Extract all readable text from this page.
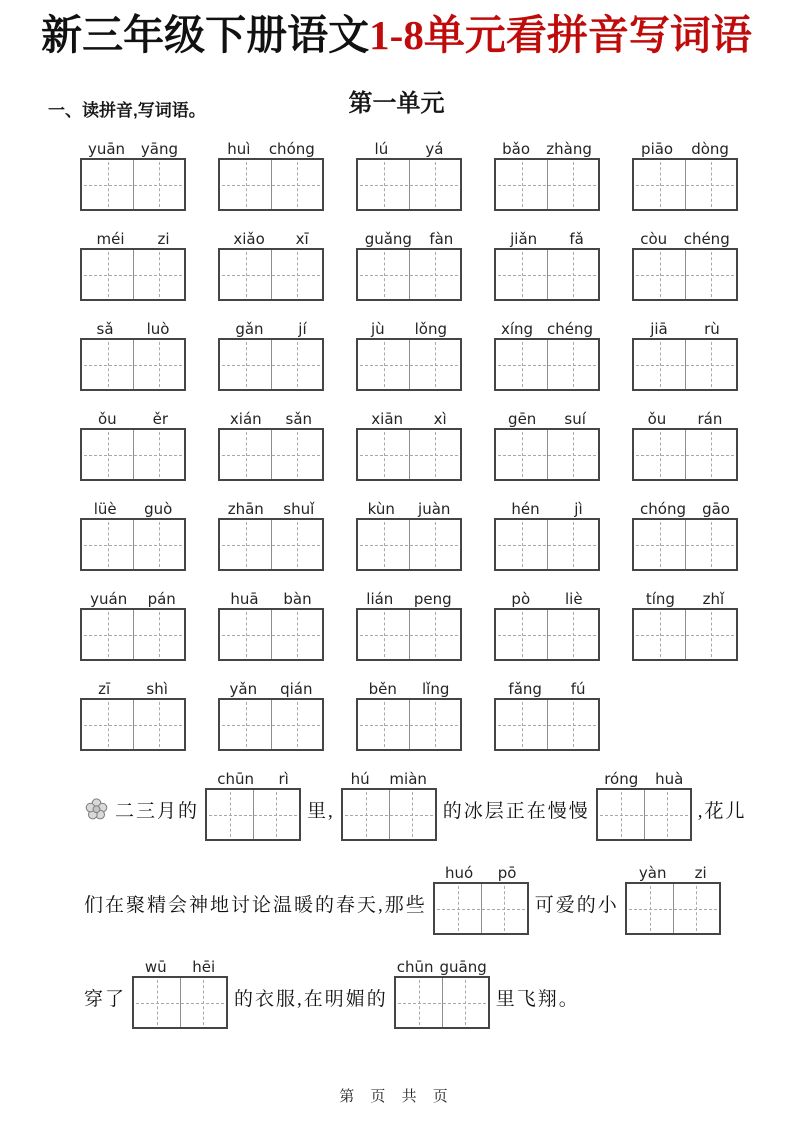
新三年级下册语文1-8单元看拼音写词语
第一单元
一、读拼音,写词语。
yuān yāng	huì chóng	lú yá	bǎo zhàng	piāo dòng
méi zi	xiǎo xī	guǎng fàn	jiǎn fǎ	còu chéng
sǎ luò	gǎn jí	jù lǒng	xíng chéng	jiā rù
ǒu ěr	xián sǎn	xiān xì	gēn suí	ǒu rán
lüè guò	zhān shuǐ	kùn juàn	hén jì	chóng gāo
yuán pán	huā bàn	lián peng	pò liè	tíng zhǐ
zī shì	yǎn qián	běn lǐng	fǎng fú
二三月的
chūn rì
里,
hú miàn
的冰层正在慢慢
róng huà
,花儿
们在聚精会神地讨论温暖的春天,那些
huó pō
可爱的小
yàn zi
穿了
wū hēi
的衣服,在明媚的
chūn guāng
里飞翔。
第 页 共 页
